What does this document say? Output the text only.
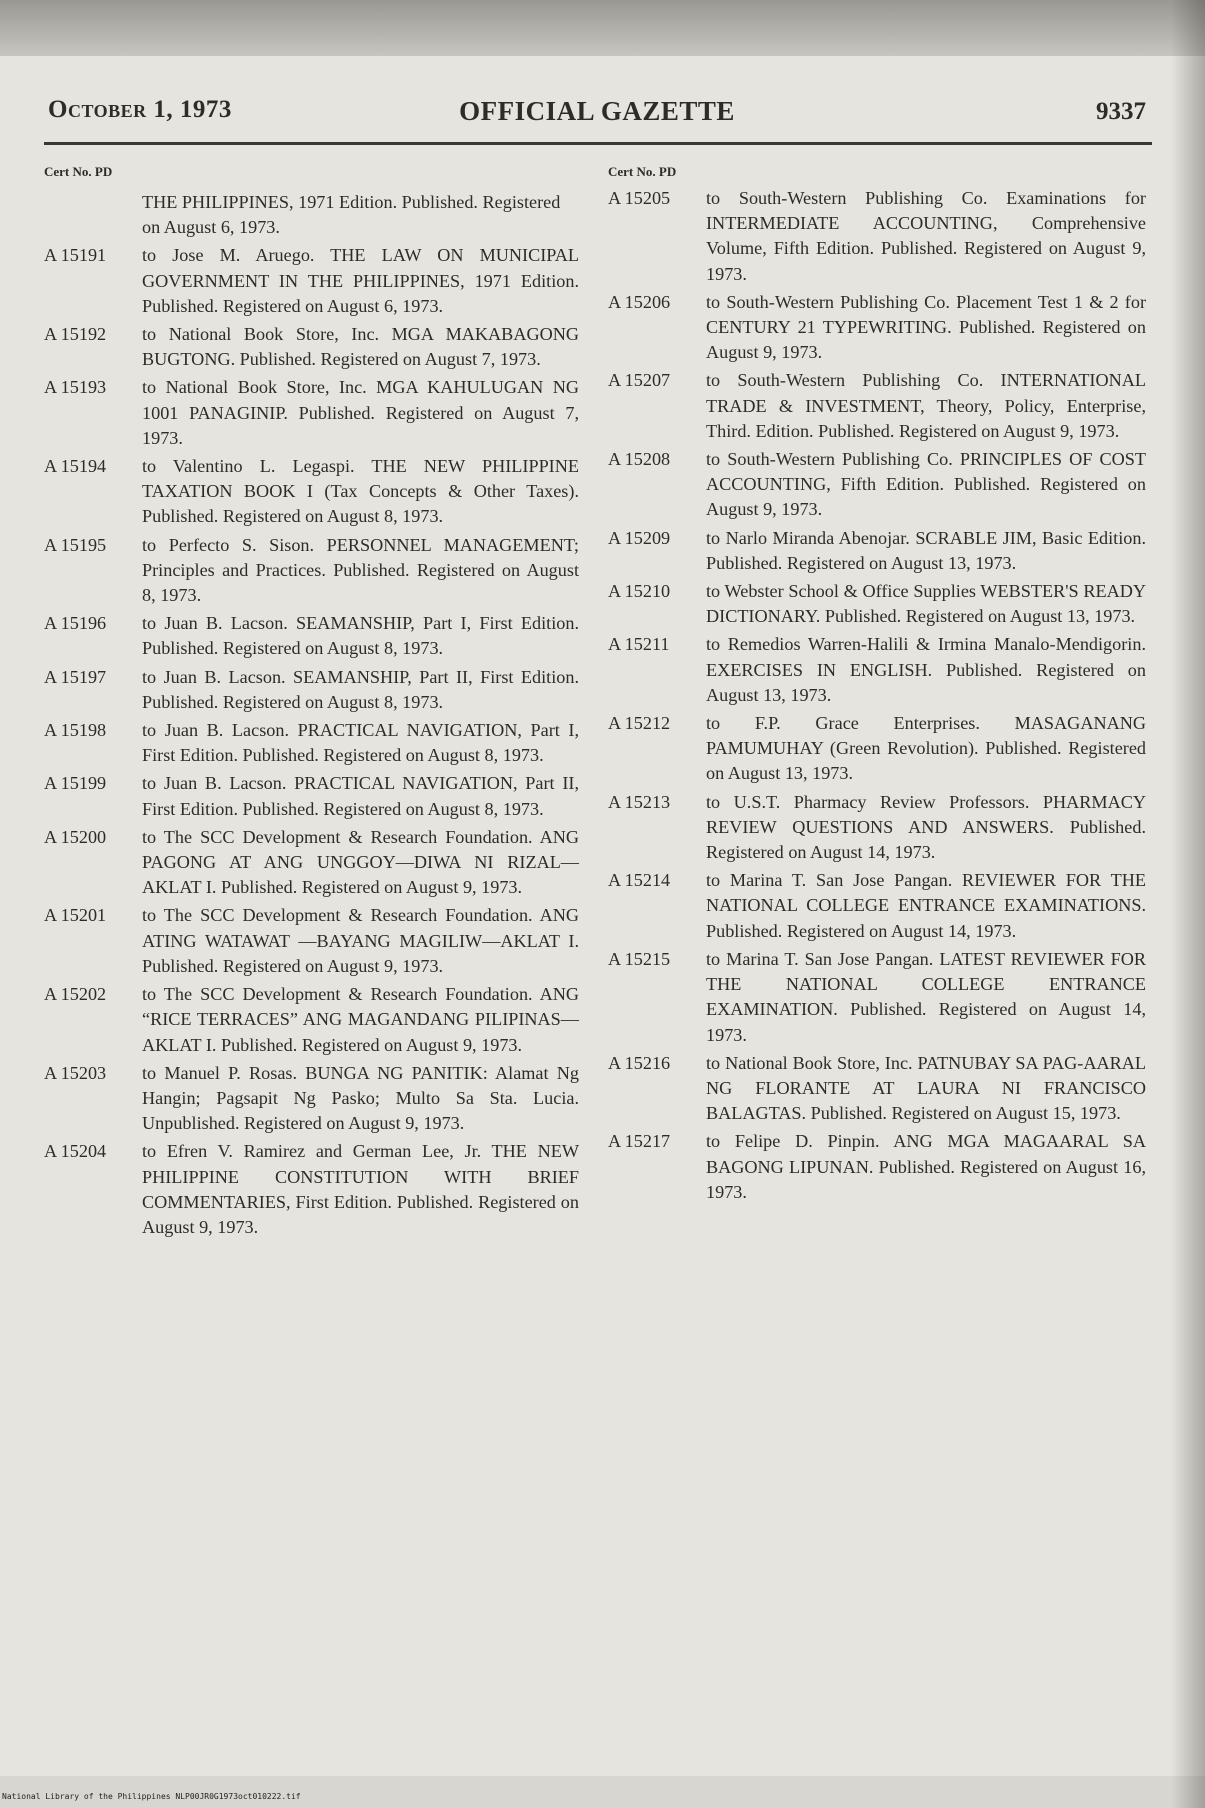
October 1, 1973	OFFICIAL GAZETTE	9337
Cert No. PD
THE PHILIPPINES, 1971 Edition. Published. Registered on August 6, 1973.
A 15191	to Jose M. Aruego. THE LAW ON MUNICIPAL GOVERNMENT IN THE PHILIPPINES, 1971 Edition. Published. Registered on August 6, 1973.
A 15192	to National Book Store, Inc. MGA MAKABAGONG BUGTONG. Published. Registered on August 7, 1973.
A 15193	to National Book Store, Inc. MGA KAHULUGAN NG 1001 PANAGINIP. Published. Registered on August 7, 1973.
A 15194	to Valentino L. Legaspi. THE NEW PHILIPPINE TAXATION BOOK I (Tax Concepts & Other Taxes). Published. Registered on August 8, 1973.
A 15195	to Perfecto S. Sison. PERSONNEL MANAGEMENT; Principles and Practices. Published. Registered on August 8, 1973.
A 15196	to Juan B. Lacson. SEAMANSHIP, Part I, First Edition. Published. Registered on August 8, 1973.
A 15197	to Juan B. Lacson. SEAMANSHIP, Part II, First Edition. Published. Registered on August 8, 1973.
A 15198	to Juan B. Lacson. PRACTICAL NAVIGATION, Part I, First Edition. Published. Registered on August 8, 1973.
A 15199	to Juan B. Lacson. PRACTICAL NAVIGATION, Part II, First Edition. Published. Registered on August 8, 1973.
A 15200	to The SCC Development & Research Foundation. ANG PAGONG AT ANG UNGGOY—DIWA NI RIZAL—AKLAT I. Published. Registered on August 9, 1973.
A 15201	to The SCC Development & Research Foundation. ANG ATING WATAWAT —BAYANG MAGILIW—AKLAT I. Published. Registered on August 9, 1973.
A 15202	to The SCC Development & Research Foundation. ANG “RICE TERRACES” ANG MAGANDANG PILIPINAS—AKLAT I. Published. Registered on August 9, 1973.
A 15203	to Manuel P. Rosas. BUNGA NG PANITIK: Alamat Ng Hangin; Pagsapit Ng Pasko; Multo Sa Sta. Lucia. Unpublished. Registered on August 9, 1973.
A 15204	to Efren V. Ramirez and German Lee, Jr. THE NEW PHILIPPINE CONSTITUTION WITH BRIEF COMMENTARIES, First Edition. Published. Registered on August 9, 1973.
Cert No. PD
A 15205	to South-Western Publishing Co. Examinations for INTERMEDIATE ACCOUNTING, Comprehensive Volume, Fifth Edition. Published. Registered on August 9, 1973.
A 15206	to South-Western Publishing Co. Placement Test 1 & 2 for CENTURY 21 TYPEWRITING. Published. Registered on August 9, 1973.
A 15207	to South-Western Publishing Co. INTERNATIONAL TRADE & INVESTMENT, Theory, Policy, Enterprise, Third. Edition. Published. Registered on August 9, 1973.
A 15208	to South-Western Publishing Co. PRINCIPLES OF COST ACCOUNTING, Fifth Edition. Published. Registered on August 9, 1973.
A 15209	to Narlo Miranda Abenojar. SCRABLE JIM, Basic Edition. Published. Registered on August 13, 1973.
A 15210	to Webster School & Office Supplies WEBSTER'S READY DICTIONARY. Published. Registered on August 13, 1973.
A 15211	to Remedios Warren-Halili & Irmina Manalo-Mendigorin. EXERCISES IN ENGLISH. Published. Registered on August 13, 1973.
A 15212	to F.P. Grace Enterprises. MASAGANANG PAMUMUHAY (Green Revolution). Published. Registered on August 13, 1973.
A 15213	to U.S.T. Pharmacy Review Professors. PHARMACY REVIEW QUESTIONS AND ANSWERS. Published. Registered on August 14, 1973.
A 15214	to Marina T. San Jose Pangan. REVIEWER FOR THE NATIONAL COLLEGE ENTRANCE EXAMINATIONS. Published. Registered on August 14, 1973.
A 15215	to Marina T. San Jose Pangan. LATEST REVIEWER FOR THE NATIONAL COLLEGE ENTRANCE EXAMINATION. Published. Registered on August 14, 1973.
A 15216	to National Book Store, Inc. PATNUBAY SA PAG-AARAL NG FLORANTE AT LAURA NI FRANCISCO BALAGTAS. Published. Registered on August 15, 1973.
A 15217	to Felipe D. Pinpin. ANG MGA MAGAARAL SA BAGONG LIPUNAN. Published. Registered on August 16, 1973.
National Library of the Philippines NLP00JR0G1973oct010222.tif
